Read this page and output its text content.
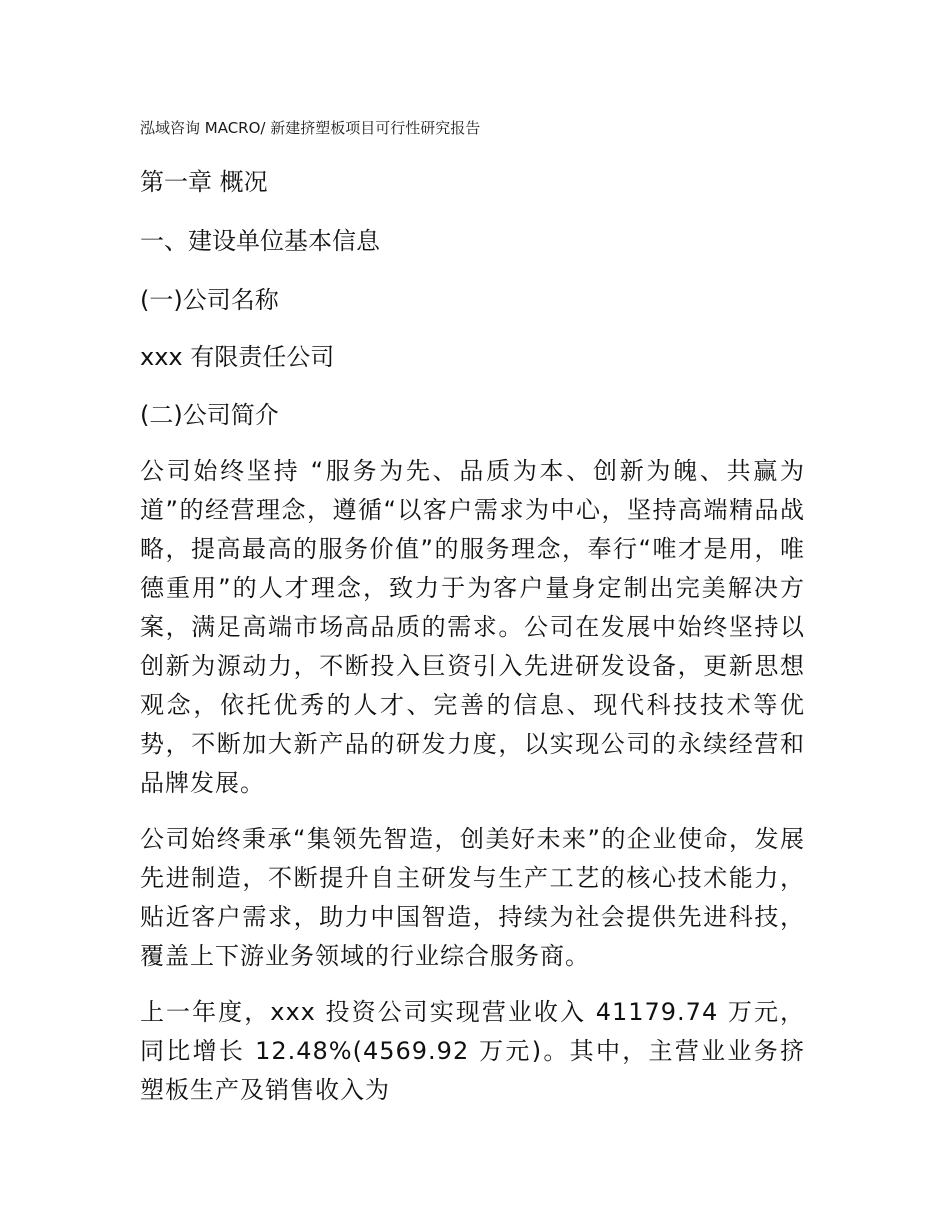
泓域咨询 MACRO/ 新建挤塑板项目可行性研究报告
第一章 概况
一、建设单位基本信息
(一)公司名称
xxx 有限责任公司
(二)公司简介

公司始终坚持 “服务为先、品质为本、创新为魄、共赢为道”的经营理念，遵循“以客户需求为中心，坚持高端精品战略，提高最高的服务价值”的服务理念，奉行“唯才是用，唯德重用”的人才理念，致力于为客户量身定制出完美解决方案，满足高端市场高品质的需求。公司在发展中始终坚持以创新为源动力，不断投入巨资引入先进研发设备，更新思想观念，依托优秀的人才、完善的信息、现代科技技术等优势，不断加大新产品的研发力度，以实现公司的永续经营和品牌发展。

公司始终秉承“集领先智造，创美好未来”的企业使命，发展先进制造，不断提升自主研发与生产工艺的核心技术能力，贴近客户需求，助力中国智造，持续为社会提供先进科技，覆盖上下游业务领域的行业综合服务商。

上一年度，xxx 投资公司实现营业收入 41179.74 万元，同比增长 12.48%(4569.92 万元)。其中，主营业业务挤塑板生产及销售收入为
